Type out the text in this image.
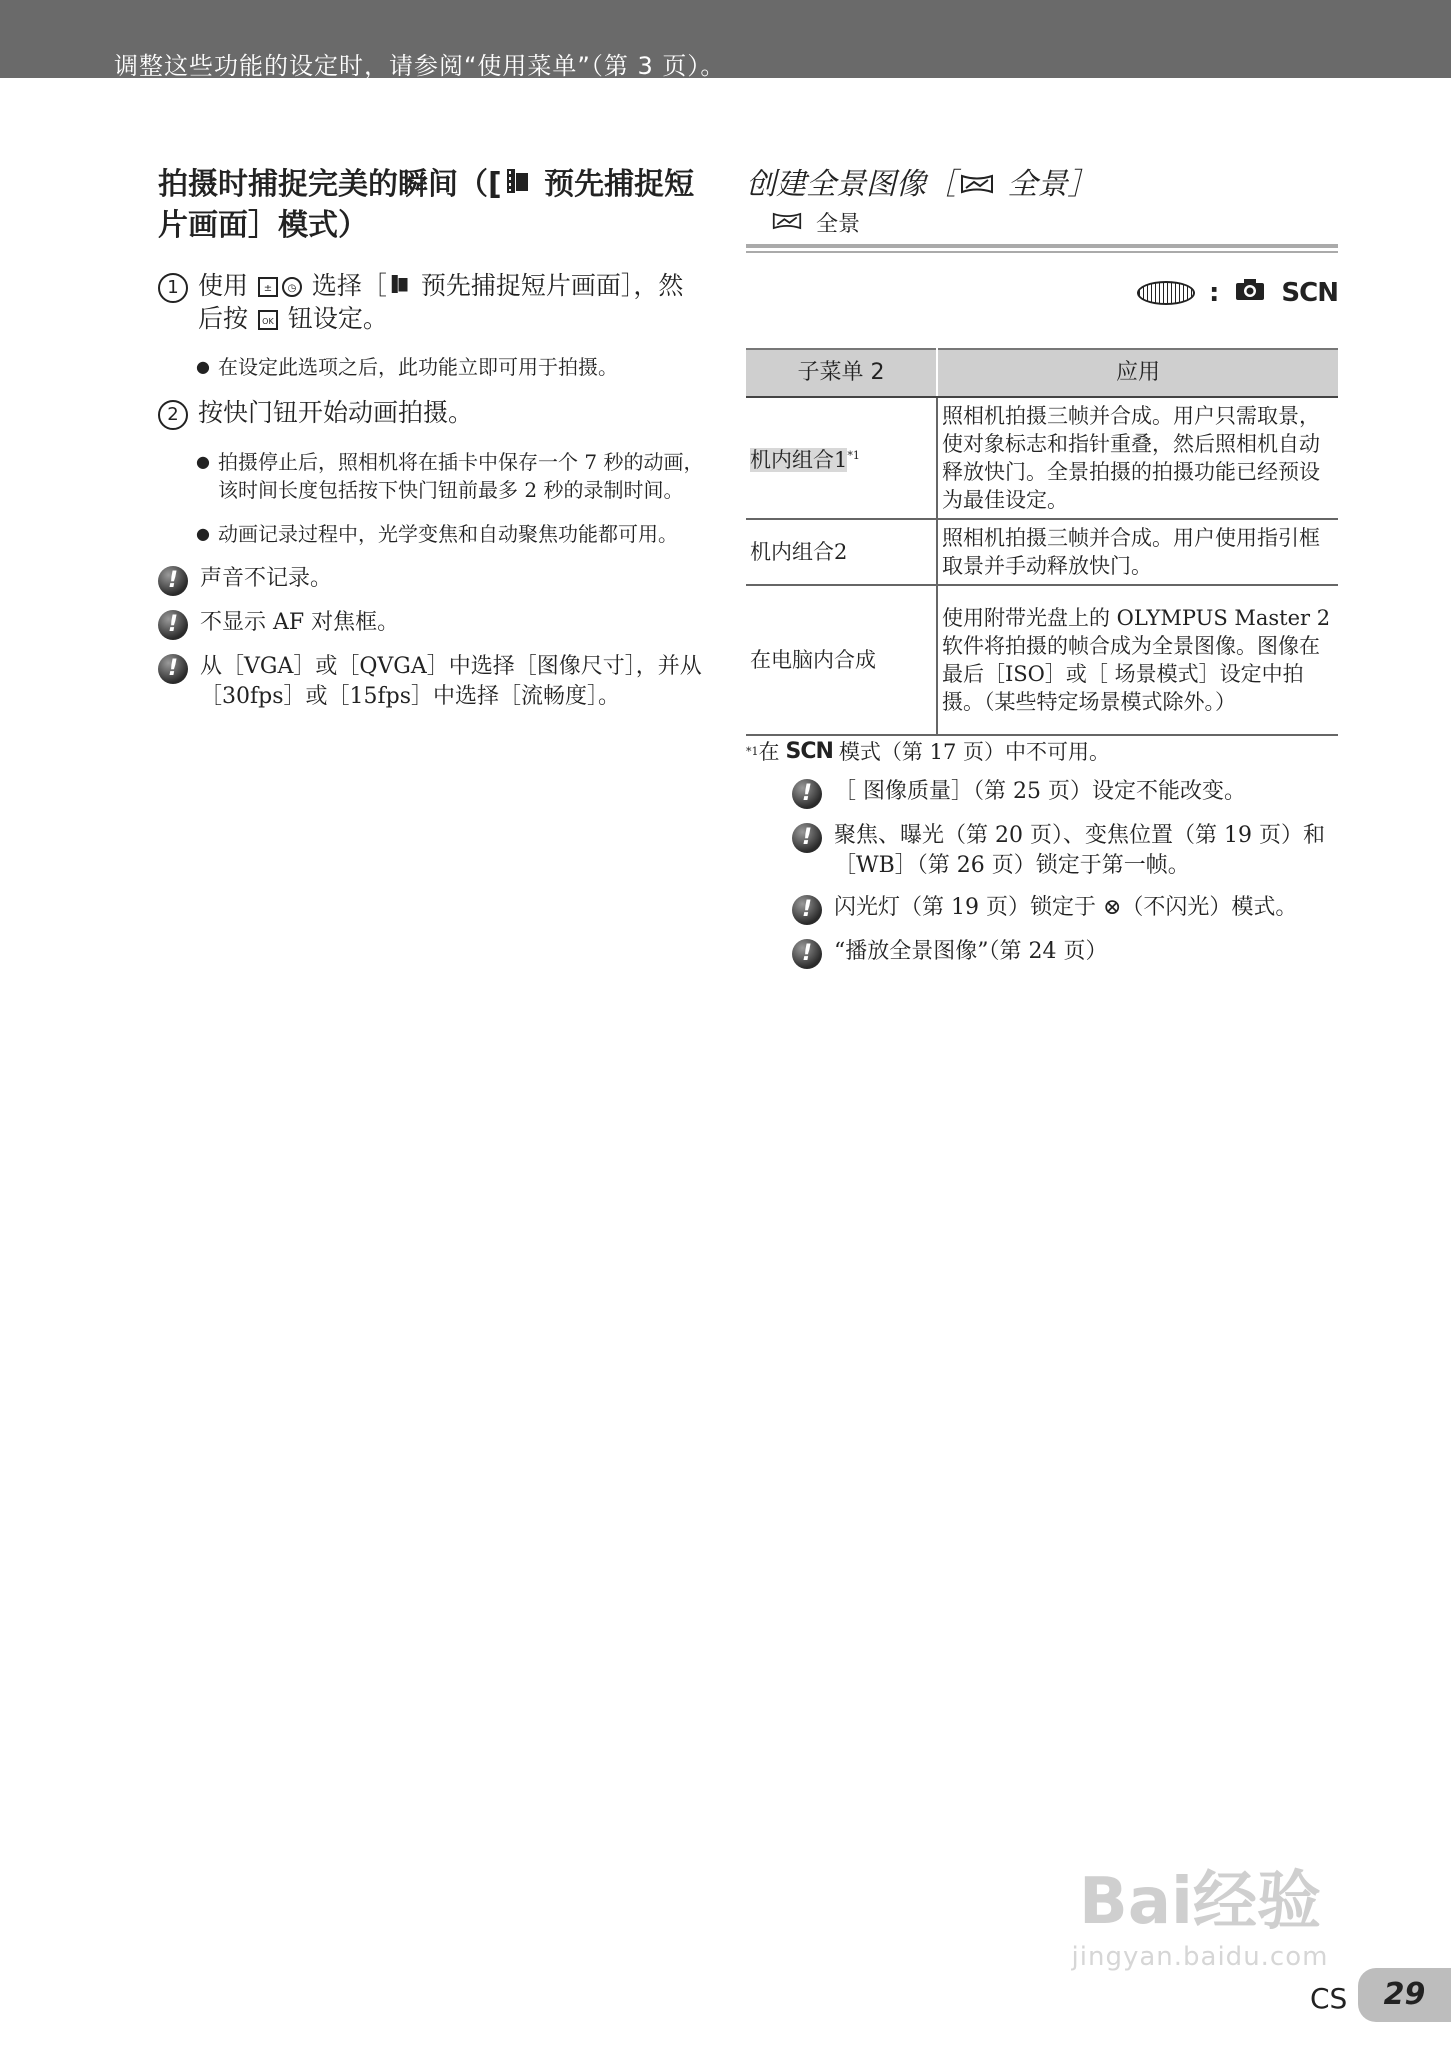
调整这些功能的设定时，请参阅“使用菜单”（第 3 页）。
拍摄时捕捉完美的瞬间（[ 预先捕捉短片画面］模式）
1 使用 ± ◷ 选择［ 预先捕捉短片画面］，然后按 OK 钮设定。
● 在设定此选项之后，此功能立即可用于拍摄。
2 按快门钮开始动画拍摄。
● 拍摄停止后，照相机将在插卡中保存一个 7 秒的动画，该时间长度包括按下快门钮前最多 2 秒的录制时间。
● 动画记录过程中，光学变焦和自动聚焦功能都可用。
! 声音不记录。
! 不显示 AF 对焦框。
! 从［VGA］或［QVGA］中选择［图像尺寸］，并从［30fps］或［15fps］中选择［流畅度］。
创建全景图像［ 全景］
全景
: SCN
子菜单 2	应用
机内组合1$^{*1}$	照相机拍摄三帧并合成。用户只需取景，使对象标志和指针重叠，然后照相机自动释放快门。全景拍摄的拍摄功能已经预设为最佳设定。
机内组合2	照相机拍摄三帧并合成。用户使用指引框取景并手动释放快门。
在电脑内合成	使用附带光盘上的 OLYMPUS Master 2 软件将拍摄的帧合成为全景图像。图像在最后［ISO］或［ 场景模式］设定中拍摄。（某些特定场景模式除外。）
*1 在 SCN 模式（第 17 页）中不可用。
! ［ 图像质量］（第 25 页）设定不能改变。
! 聚焦、曝光（第 20 页）、变焦位置（第 19 页）和［WB］（第 26 页）锁定于第一帧。
! 闪光灯（第 19 页）锁定于 ⊗（不闪光）模式。
! “播放全景图像”（第 24 页）
Bai经验
jingyan.baidu.com
CS	29
